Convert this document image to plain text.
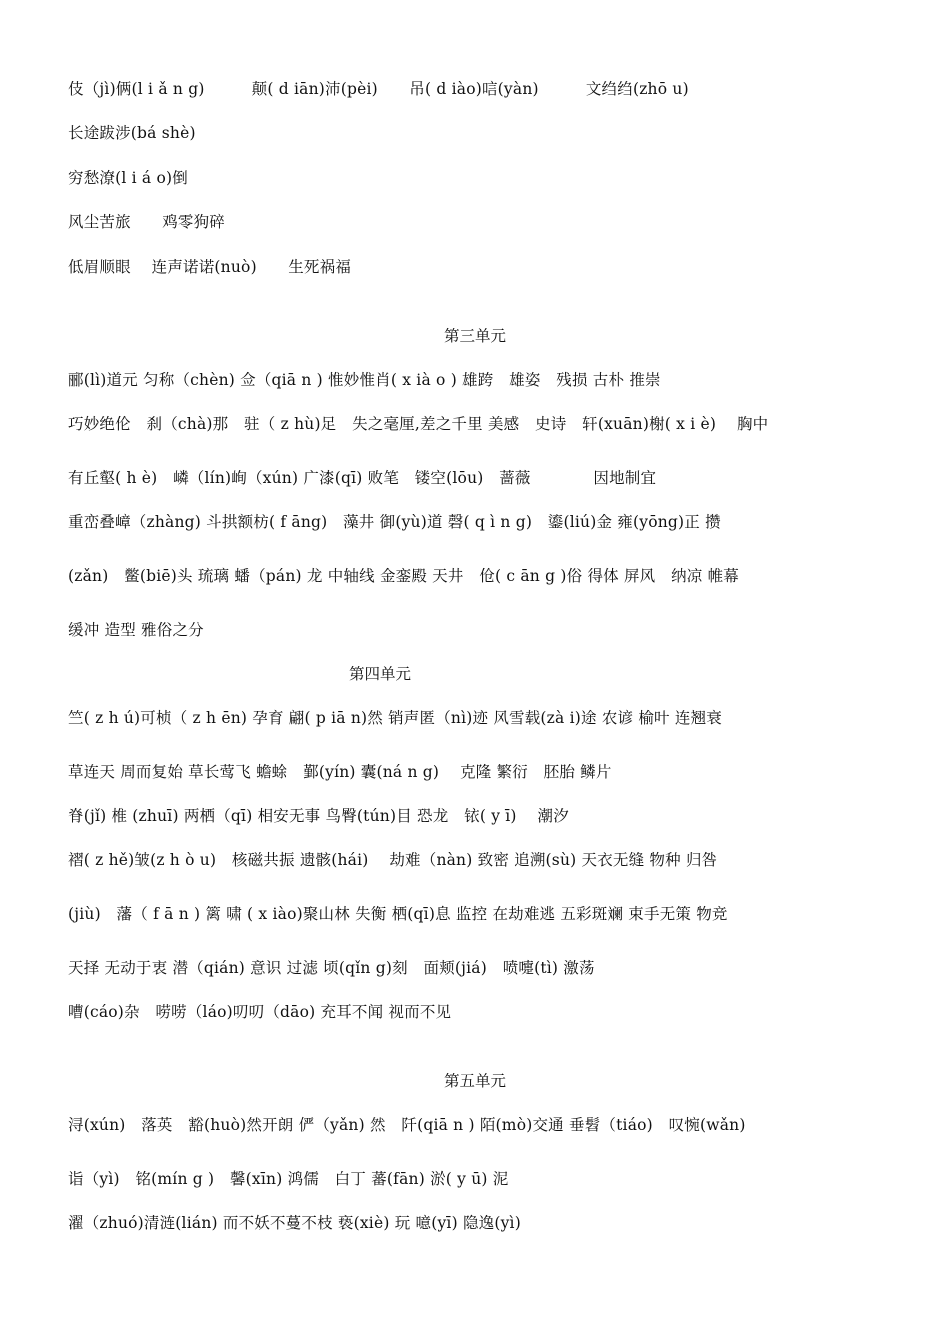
伎（jì)俩(l i ǎ n g)　　　颠( d iān)沛(pèi)　　吊( d iào)唁(yàn)　　　文绉绉(zhō u)
长途跋涉(bá shè)
穷愁潦(l i á o)倒
风尘苦旅　　鸡零狗碎
低眉顺眼　 连声诺诺(nuò)　　生死祸福
第三单元
郦(lì)道元 匀称（chèn) 佥（qiā n ) 惟妙惟肖( x ià o ) 雄跨　雄姿　残损 古朴 推崇
巧妙绝伦　刹（chà)那　驻（ z hù)足　失之毫厘,差之千里 美感　史诗　轩(xuān)榭( x i è)　 胸中
有丘壑( h è)　嶙（lín)峋（xún) 广漆(qī) 败笔　镂空(lōu)　蔷薇　　　　因地制宜
重峦叠嶂（zhàng) 斗拱额枋( f āng)　藻井 御(yù)道 磬( q ì n g)　鎏(liú)金 雍(yōng)正 攒
(zǎn)　鳖(biē)头 琉璃 蟠（pán) 龙 中轴线 金銮殿 天井　伧( c ān g )俗 得体 屏风　纳凉 帷幕
缓冲 造型 雅俗之分
第四单元
竺( z h ú)可桢（ z h ēn) 孕育 翩( p iā n)然 销声匿（nì)迹 风雪载(zà i)途 农谚 榆叶 连翘衰
草连天 周而复始 草长莺飞 蟾蜍　鄞(yín) 囊(ná n g)　 克隆 繁衍　胚胎 鳞片
脊(jǐ) 椎 (zhuī) 两栖（qī) 相安无事 鸟臀(tún)目 恐龙　铱( y ī)　 潮汐
褶( z hě)皱(z h ò u)　核磁共振 遗骸(hái)　 劫难（nàn) 致密 追溯(sù) 天衣无缝 物种 归咎
(jiù)　藩（ f ā n ) 篱 啸 ( x iào)聚山林 失衡 栖(qī)息 监控 在劫难逃 五彩斑斓 束手无策 物竞
天择 无动于衷 潜（qián) 意识 过滤 顷(qǐn g)刻　面颊(jiá)　喷嚏(tì) 激荡
嘈(cáo)杂　唠唠（láo)叨叨（dāo) 充耳不闻 视而不见
第五单元
浔(xún)　落英　豁(huò)然开朗 俨（yǎn) 然　阡(qiā n ) 陌(mò)交通 垂髫（tiáo)　叹惋(wǎn)
诣（yì)　铭(mín g )　馨(xīn) 鸿儒　白丁 蕃(fān) 淤( y ū) 泥
濯（zhuó)清涟(lián) 而不妖不蔓不枝 亵(xiè) 玩 噫(yī) 隐逸(yì)
